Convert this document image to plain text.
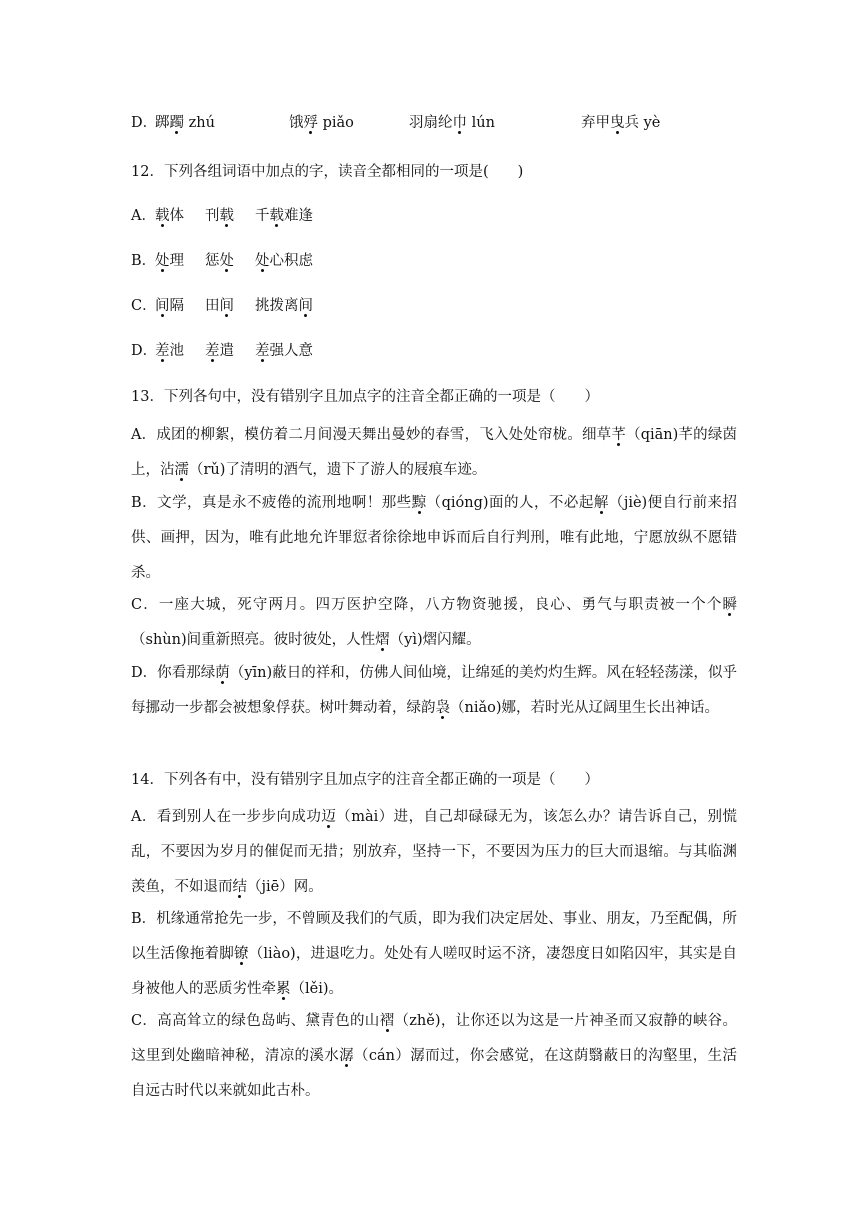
D．
踯躅 zhú	饿殍 piǎo	羽扇纶巾 lún	弃甲曳兵 yè
12．下列各组词语中加点的字，读音全都相同的一项是(　　)
A． 载体 刊载 千载难逢
B．
处理 惩处 处心积虑
C．
间隔 田间 挑拨离间
D．
差池 差遣 差强人意
13．下列各句中，没有错别字且加点字的注音全都正确的一项是（　　）
A．成团的柳絮，模仿着二月间漫天舞出曼妙的春雪，飞入处处帘栊。细草芊（qiān)芊的绿茵上，沾濡（rǔ)了清明的酒气，遗下了游人的屐痕车迹。
B．文学，真是永不疲倦的流刑地啊！那些黥（qióng)面的人，不必起解（jiè)便自行前来招供、画押，因为，唯有此地允许罪愆者徐徐地申诉而后自行判刑，唯有此地，宁愿放纵不愿错杀。
C．一座大城，死守两月。四万医护空降，八方物资驰援，良心、勇气与职责被一个个瞬（shùn)间重新照亮。彼时彼处，人性熠（yì)熠闪耀。
D．你看那绿荫（yīn)蔽日的祥和，仿佛人间仙境，让绵延的美灼灼生辉。风在轻轻荡漾，似乎每挪动一步都会被想象俘获。树叶舞动着，绿韵袅（niǎo)娜，若时光从辽阔里生长出神话。
14．下列各有中，没有错别字且加点字的注音全都正确的一项是（　　）
A．看到别人在一步步向成功迈（mài）进，自己却碌碌无为，该怎么办？请告诉自己，别慌乱，不要因为岁月的催促而无措；别放弃，坚持一下，不要因为压力的巨大而退缩。与其临渊羡鱼，不如退而结（jiē）网。
B．机缘通常抢先一步，不曾顾及我们的气质，即为我们决定居处、事业、朋友，乃至配偶，所以生活像拖着脚镣（liào)，进退吃力。处处有人嗟叹时运不济，凄怨度日如陷囚牢，其实是自身被他人的恶质劣性牵累（lěi)。
C．高高耸立的绿色岛屿、黛青色的山褶（zhě)，让你还以为这是一片神圣而又寂静的峡谷。这里到处幽暗神秘，清凉的溪水潺（cán）潺而过，你会感觉，在这荫翳蔽日的沟壑里，生活自远古时代以来就如此古朴。
